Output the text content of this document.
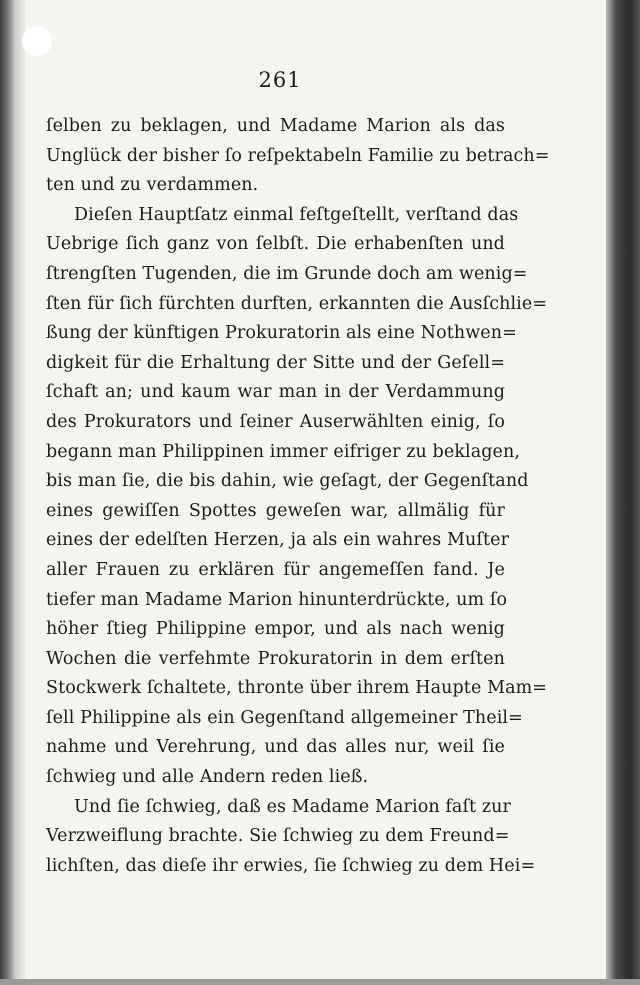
261
ſelben zu beklagen, und Madame Marion als das
Unglück der bisher ſo reſpektabeln Familie zu betrach=
ten und zu verdammen.
Dieſen Hauptſatz einmal feſtgeſtellt, verſtand das
Uebrige ſich ganz von ſelbſt. Die erhabenſten und
ſtrengſten Tugenden, die im Grunde doch am wenig=
ſten für ſich fürchten durften, erkannten die Ausſchlie=
ßung der künftigen Prokuratorin als eine Nothwen=
digkeit für die Erhaltung der Sitte und der Geſell=
ſchaft an; und kaum war man in der Verdammung
des Prokurators und ſeiner Auserwählten einig, ſo
begann man Philippinen immer eifriger zu beklagen,
bis man ſie, die bis dahin, wie geſagt, der Gegenſtand
eines gewiſſen Spottes geweſen war, allmälig für
eines der edelſten Herzen, ja als ein wahres Muſter
aller Frauen zu erklären für angemeſſen fand. Je
tiefer man Madame Marion hinunterdrückte, um ſo
höher ſtieg Philippine empor, und als nach wenig
Wochen die verfehmte Prokuratorin in dem erſten
Stockwerk ſchaltete, thronte über ihrem Haupte Mam=
ſell Philippine als ein Gegenſtand allgemeiner Theil=
nahme und Verehrung, und das alles nur, weil ſie
ſchwieg und alle Andern reden ließ.
Und ſie ſchwieg, daß es Madame Marion faſt zur
Verzweiflung brachte. Sie ſchwieg zu dem Freund=
lichſten, das dieſe ihr erwies, ſie ſchwieg zu dem Hei=
